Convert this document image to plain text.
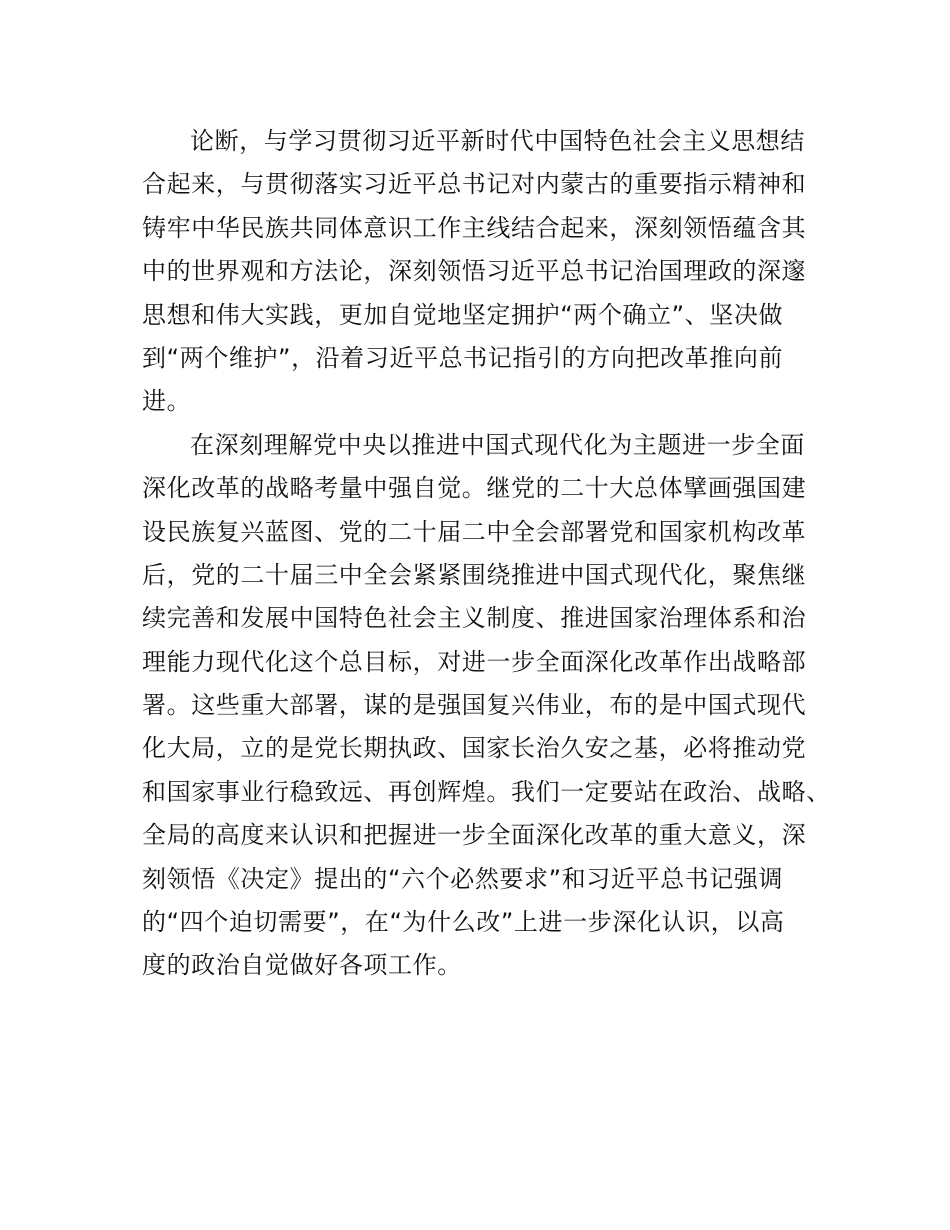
论断，与学习贯彻习近平新时代中国特色社会主义思想结
合起来，与贯彻落实习近平总书记对内蒙古的重要指示精神和
铸牢中华民族共同体意识工作主线结合起来，深刻领悟蕴含其
中的世界观和方法论，深刻领悟习近平总书记治国理政的深邃
思想和伟大实践，更加自觉地坚定拥护“两个确立”、坚决做
到“两个维护”，沿着习近平总书记指引的方向把改革推向前
进。
在深刻理解党中央以推进中国式现代化为主题进一步全面
深化改革的战略考量中强自觉。继党的二十大总体擘画强国建
设民族复兴蓝图、党的二十届二中全会部署党和国家机构改革
后，党的二十届三中全会紧紧围绕推进中国式现代化，聚焦继
续完善和发展中国特色社会主义制度、推进国家治理体系和治
理能力现代化这个总目标，对进一步全面深化改革作出战略部
署。这些重大部署，谋的是强国复兴伟业，布的是中国式现代
化大局，立的是党长期执政、国家长治久安之基，必将推动党
和国家事业行稳致远、再创辉煌。我们一定要站在政治、战略、
全局的高度来认识和把握进一步全面深化改革的重大意义，深
刻领悟《决定》提出的“六个必然要求”和习近平总书记强调
的“四个迫切需要”，在“为什么改”上进一步深化认识，以高
度的政治自觉做好各项工作。
